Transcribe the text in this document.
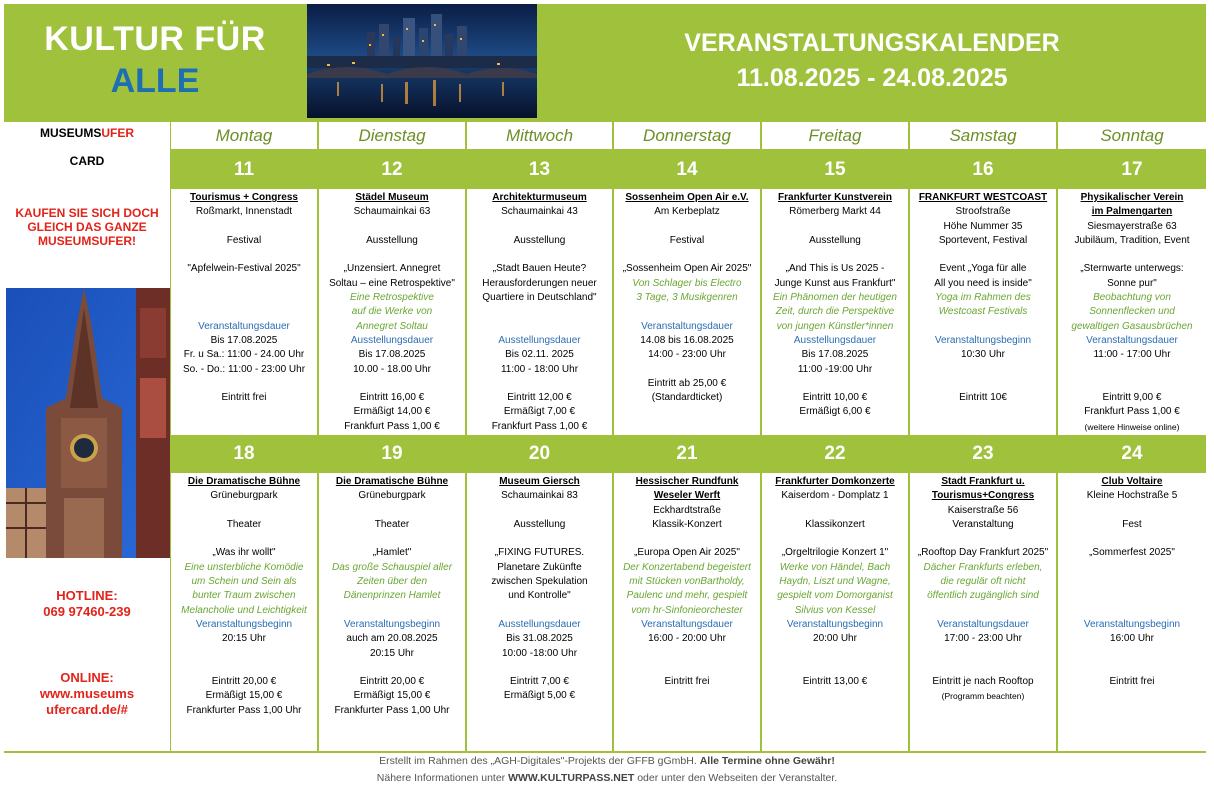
KULTUR FÜR
ALLE
VERANSTALTUNGSKALENDER
11.08.2025 - 24.08.2025
MUSEUMSUFER
CARD
KAUFEN SIE SICH DOCH GLEICH DAS GANZE MUSEUMSUFER!
HOTLINE:
069 97460-239
ONLINE:
www.museums
ufercard.de/#
Montag	Dienstag	Mittwoch	Donnerstag	Freitag	Samstag	Sonntag
11
Tourismus + Congress
Roßmarkt, Innenstadt
Festival
"Apfelwein-Festival 2025"
Veranstaltungsdauer
Bis 17.08.2025
Fr. u Sa.: 11:00 - 24.00 Uhr
So. - Do.: 11:00 - 23:00 Uhr
Eintritt frei
12
Städel Museum
Schaumainkai 63
Ausstellung
„Unzensiert. Annegret
Soltau – eine Retrospektive"
Eine Retrospektive
auf die Werke von
Annegret Soltau
Ausstellungsdauer
Bis 17.08.2025
10.00 - 18.00 Uhr
Eintritt 16,00 €
Ermäßigt 14,00 €
Frankfurt Pass 1,00 €
13
Architekturmuseum
Schaumainkai 43
Ausstellung
„Stadt Bauen Heute?
Herausforderungen neuer
Quartiere in Deutschland"
Ausstellungsdauer
Bis 02.11. 2025
11:00 - 18:00 Uhr
Eintritt 12,00 €
Ermäßigt 7,00 €
Frankfurt Pass 1,00 €
14
Sossenheim Open Air e.V.
Am Kerbeplatz
Festival
„Sossenheim Open Air 2025"
Von Schlager bis Electro
3 Tage, 3 Musikgenren
Veranstaltungsdauer
14.08 bis 16.08.2025
14:00 - 23:00 Uhr
Eintritt ab 25,00 €
(Standardticket)
15
Frankfurter Kunstverein
Römerberg Markt 44
Ausstellung
„And This is Us 2025 -
Junge Kunst aus Frankfurt"
Ein Phänomen der heutigen
Zeit, durch die Perspektive
von jungen Künstler*innen
Ausstellungsdauer
Bis 17.08.2025
11:00 -19:00 Uhr
Eintritt 10,00 €
Ermäßigt 6,00 €
16
FRANKFURT WESTCOAST
Stroofstraße
Höhe Nummer 35
Sportevent, Festival
Event „Yoga für alle
All you need is inside"
Yoga im Rahmen des
Westcoast Festivals
Veranstaltungsbeginn
10:30 Uhr
Eintritt 10€
17
Physikalischer Verein
im Palmengarten
Siesmayerstraße 63
Jubiläum, Tradition, Event
„Sternwarte unterwegs:
Sonne pur"
Beobachtung von
Sonnenflecken und
gewaltigen Gasausbrüchen
Veranstaltungsdauer
11:00 - 17:00 Uhr
Eintritt 9,00 €
Frankfurt Pass 1,00 €
(weitere Hinweise online)
18
Die Dramatische Bühne
Grüneburgpark
Theater
„Was ihr wollt"
Eine unsterbliche Komödie
um Schein und Sein als
bunter Traum zwischen
Melancholie und Leichtigkeit
Veranstaltungsbeginn
20:15 Uhr
Eintritt 20,00 €
Ermäßigt 15,00 €
Frankfurter Pass 1,00 Uhr
19
Die Dramatische Bühne
Grüneburgpark
Theater
„Hamlet"
Das große Schauspiel aller
Zeiten über den
Dänenprinzen Hamlet
Veranstaltungsbeginn
auch am 20.08.2025
20:15 Uhr
Eintritt 20,00 €
Ermäßigt 15,00 €
Frankfurter Pass 1,00 Uhr
20
Museum Giersch
Schaumainkai 83
Ausstellung
„FIXING FUTURES.
Planetare Zukünfte
zwischen Spekulation
und Kontrolle"
Ausstellungsdauer
Bis 31.08.2025
10:00 -18:00 Uhr
Eintritt 7,00 €
Ermäßigt 5,00 €
21
Hessischer Rundfunk
Weseler Werft
Eckhardtstraße
Klassik-Konzert
„Europa Open Air 2025"
Der Konzertabend begeistert
mit Stücken vonBartholdy,
Paulenc und mehr, gespielt
vom hr-Sinfonieorchester
Veranstaltungsdauer
16:00 - 20:00 Uhr
Eintritt frei
22
Frankfurter Domkonzerte
Kaiserdom - Domplatz 1
Klassikonzert
„Orgeltrilogie Konzert 1"
Werke von Händel, Bach
Haydn, Liszt und Wagne,
gespielt vom Domorganist
Silvius von Kessel
Veranstaltungsbeginn
20:00 Uhr
Eintritt 13,00 €
23
Stadt Frankfurt u.
Tourismus+Congress
Kaiserstraße 56
Veranstaltung
„Rooftop Day Frankfurt 2025"
Dächer Frankfurts erleben,
die regulär oft nicht
öffentlich zugänglich sind
Veranstaltungsdauer
17:00 - 23:00 Uhr
Eintritt je nach Rooftop
(Programm beachten)
24
Club Voltaire
Kleine Hochstraße 5
Fest
„Sommerfest 2025"
Veranstaltungsbeginn
16:00 Uhr
Eintritt frei
Erstellt im Rahmen des „AGH-Digitales"-Projekts der GFFB gGmbH. Alle Termine ohne Gewähr!
Nähere Informationen unter WWW.KULTURPASS.NET oder unter den Webseiten der Veranstalter.
